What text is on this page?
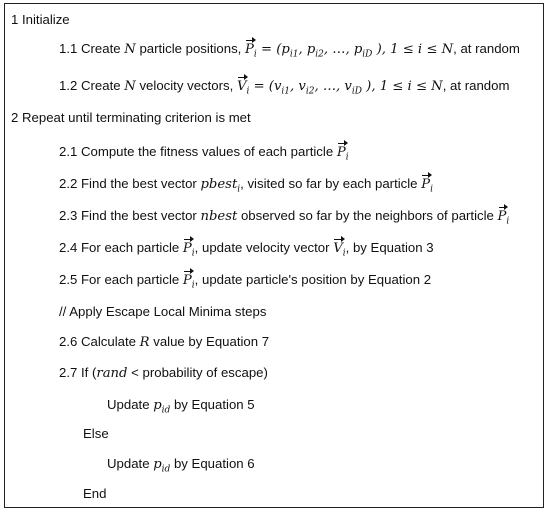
1 Initialize
1.1 Create N particle positions, $P_i = (p_{i1}$, $p_{i2}$, …, $p_{iD}$ ), 1 ≤ i ≤ N, at random
1.2 Create N velocity vectors, $V_i = (v_{i1}$, $v_{i2}$, …, $v_{iD}$ ), 1 ≤ i ≤ N, at random
2 Repeat until terminating criterion is met
2.1 Compute the fitness values of each particle $P_i$
2.2 Find the best vector pbest$_i$, visited so far by each particle $P_i$
2.3 Find the best vector nbest observed so far by the neighbors of particle $P_i$
2.4 For each particle $P_i$, update velocity vector $V_i$, by Equation 3
2.5 For each particle $P_i$, update particle's position by Equation 2
// Apply Escape Local Minima steps
2.6 Calculate R value by Equation 7
2.7 If (rand < probability of escape)
Update $p_{id}$ by Equation 5
Else
Update $p_{id}$ by Equation 6
End
